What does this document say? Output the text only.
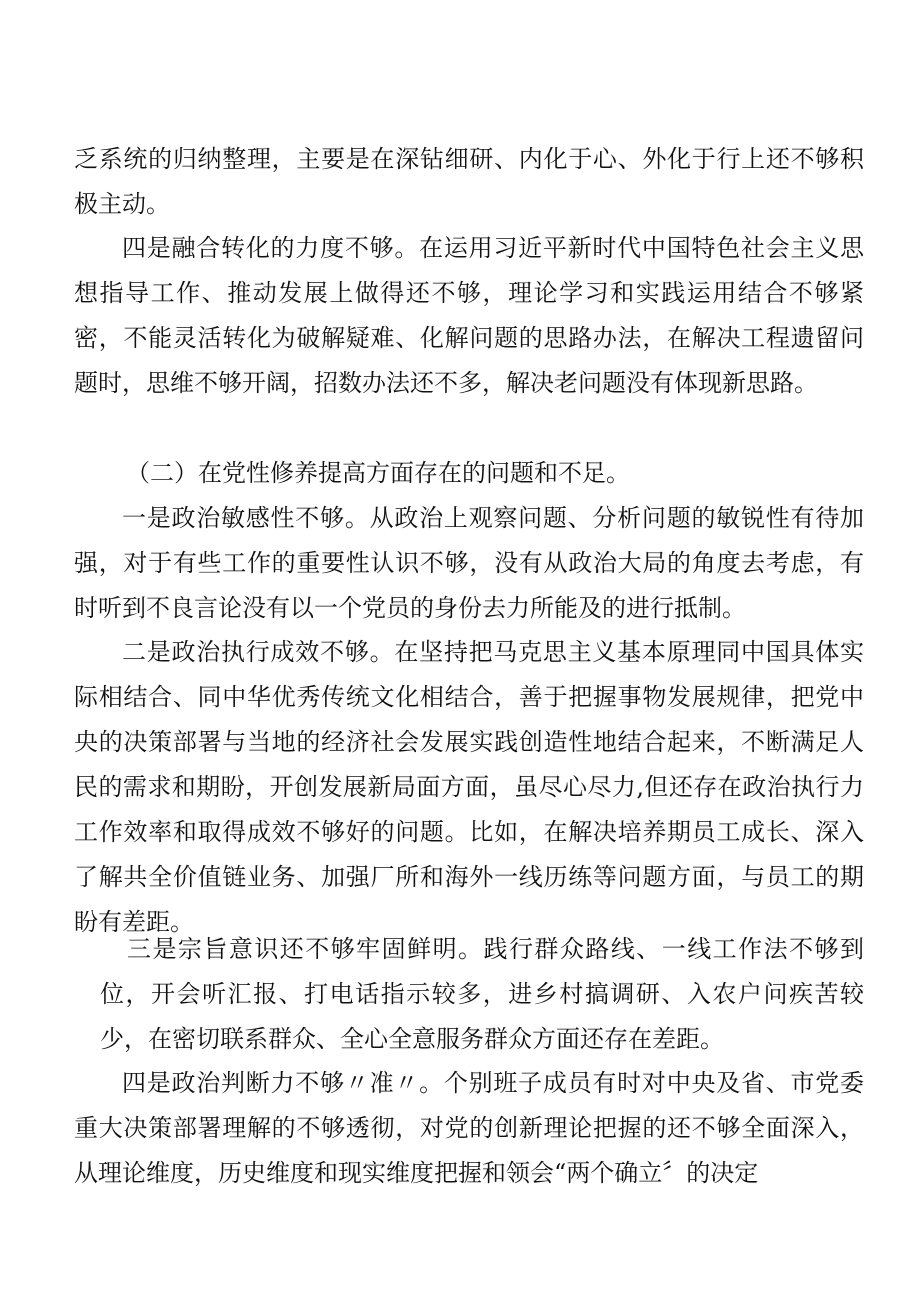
乏系统的归纳整理，主要是在深钻细研、内化于心、外化于行上还不够积极主动。

四是融合转化的力度不够。在运用习近平新时代中国特色社会主义思想指导工作、推动发展上做得还不够，理论学习和实践运用结合不够紧密，不能灵活转化为破解疑难、化解问题的思路办法，在解决工程遗留问题时，思维不够开阔，招数办法还不多，解决老问题没有体现新思路。

（二）在党性修养提高方面存在的问题和不足。

一是政治敏感性不够。从政治上观察问题、分析问题的敏锐性有待加强，对于有些工作的重要性认识不够，没有从政治大局的角度去考虑，有时听到不良言论没有以一个党员的身份去力所能及的进行抵制。

二是政治执行成效不够。在坚持把马克思主义基本原理同中国具体实际相结合、同中华优秀传统文化相结合，善于把握事物发展规律，把党中央的决策部署与当地的经济社会发展实践创造性地结合起来，不断满足人民的需求和期盼，开创发展新局面方面，虽尽心尽力,但还存在政治执行力工作效率和取得成效不够好的问题。比如，在解决培养期员工成长、深入了解共全价值链业务、加强厂所和海外一线历练等问题方面，与员工的期盼有差距。

三是宗旨意识还不够牢固鲜明。践行群众路线、一线工作法不够到位，开会听汇报、打电话指示较多，进乡村搞调研、入农户问疾苦较少，在密切联系群众、全心全意服务群众方面还存在差距。

四是政治判断力不够〃准〃。个别班子成员有时对中央及省、市党委重大决策部署理解的不够透彻，对党的创新理论把握的还不够全面深入，从理论维度，历史维度和现实维度把握和领会“两个确立〞的决定
